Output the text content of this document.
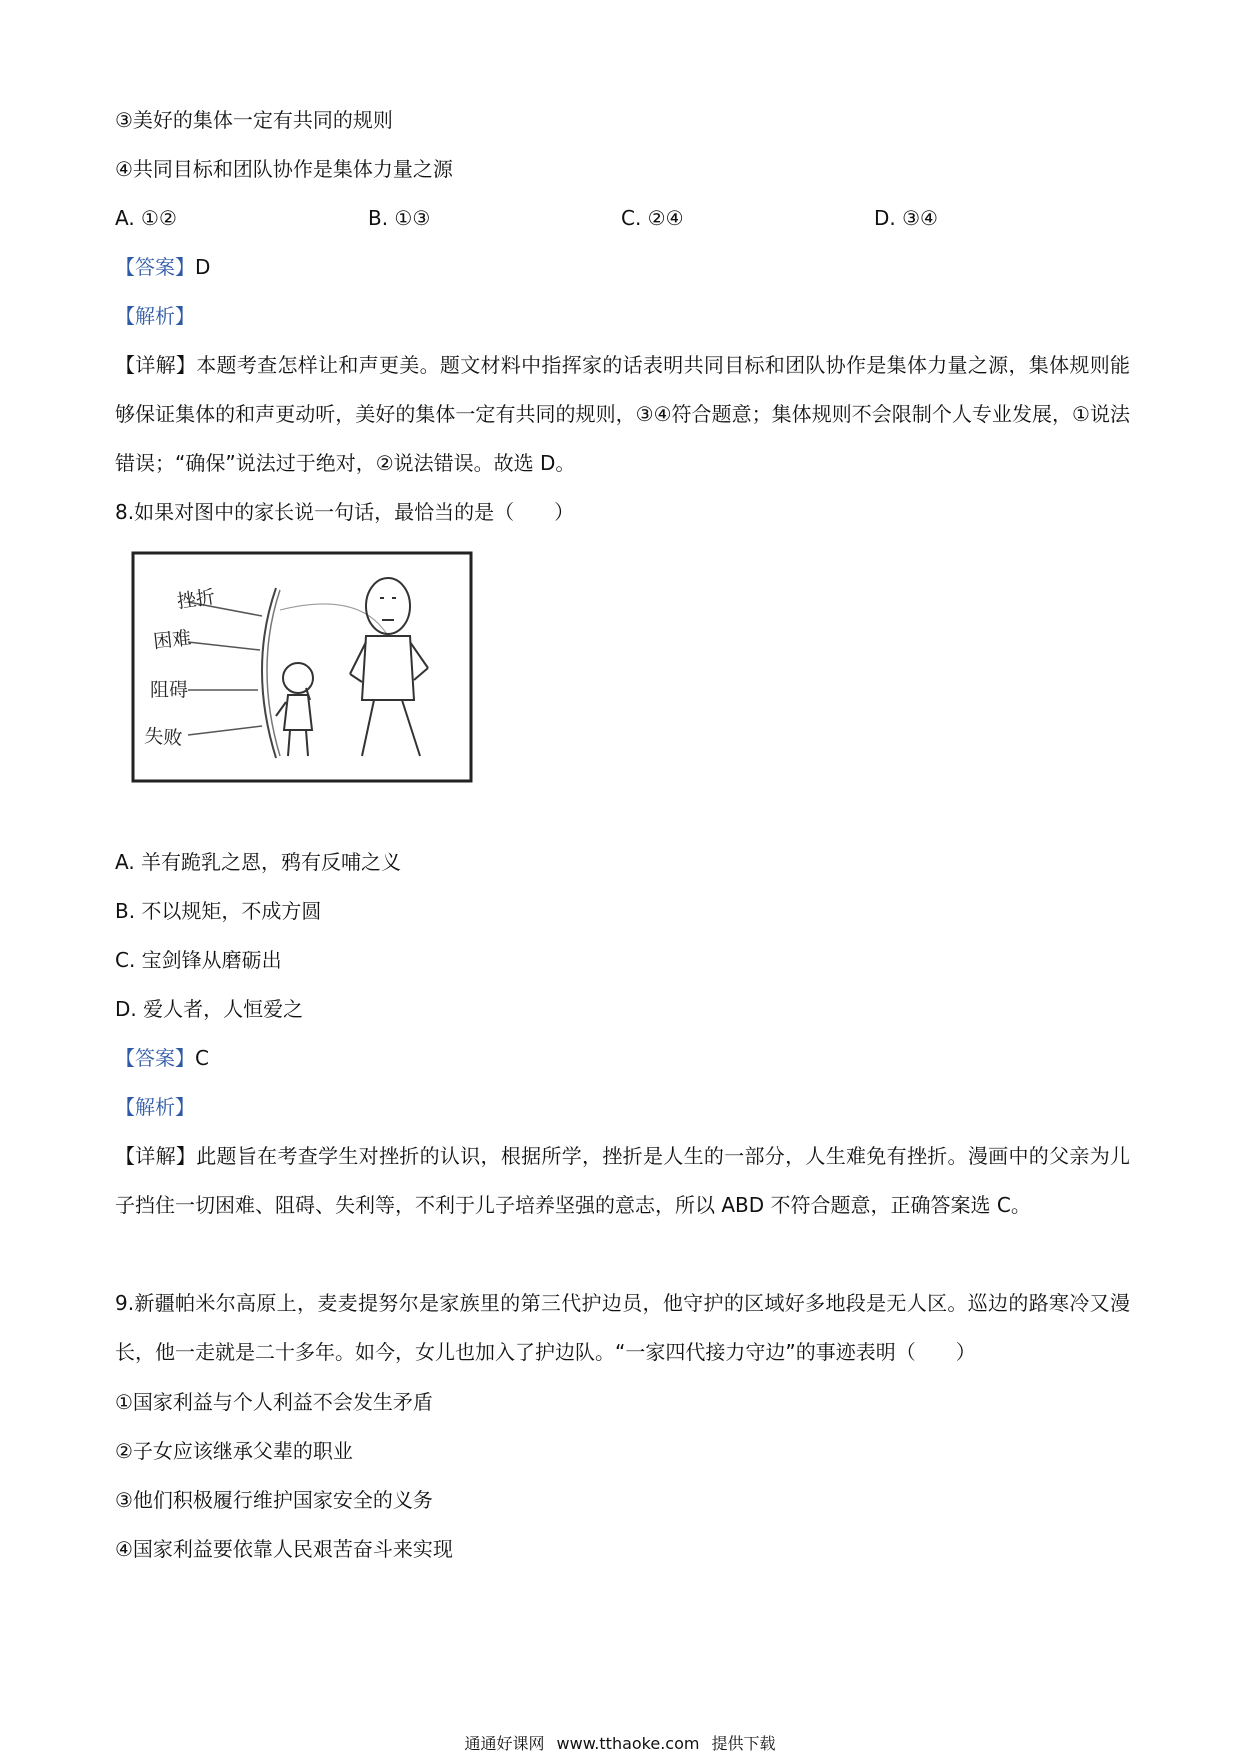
③美好的集体一定有共同的规则
④共同目标和团队协作是集体力量之源
A. ①②	B. ①③	C. ②④	D. ③④
【答案】D
【解析】
【详解】本题考查怎样让和声更美。题文材料中指挥家的话表明共同目标和团队协作是集体力量之源，集体规则能够保证集体的和声更动听，美好的集体一定有共同的规则，③④符合题意；集体规则不会限制个人专业发展，①说法错误；“确保”说法过于绝对，②说法错误。故选 D。
8.如果对图中的家长说一句话，最恰当的是（　　）
挫折
困难
阻碍
失败
A. 羊有跪乳之恩，鸦有反哺之义
B. 不以规矩，不成方圆
C. 宝剑锋从磨砺出
D. 爱人者，人恒爱之
【答案】C
【解析】
【详解】此题旨在考查学生对挫折的认识，根据所学，挫折是人生的一部分，人生难免有挫折。漫画中的父亲为儿子挡住一切困难、阻碍、失利等，不利于儿子培养坚强的意志，所以 ABD 不符合题意，正确答案选 C。
9.新疆帕米尔高原上，麦麦提努尔是家族里的第三代护边员，他守护的区域好多地段是无人区。巡边的路寒冷又漫长，他一走就是二十多年。如今，女儿也加入了护边队。“一家四代接力守边”的事迹表明（　　）
①国家利益与个人利益不会发生矛盾
②子女应该继承父辈的职业
③他们积极履行维护国家安全的义务
④国家利益要依靠人民艰苦奋斗来实现
通通好课网 www.tthaoke.com 提供下载
